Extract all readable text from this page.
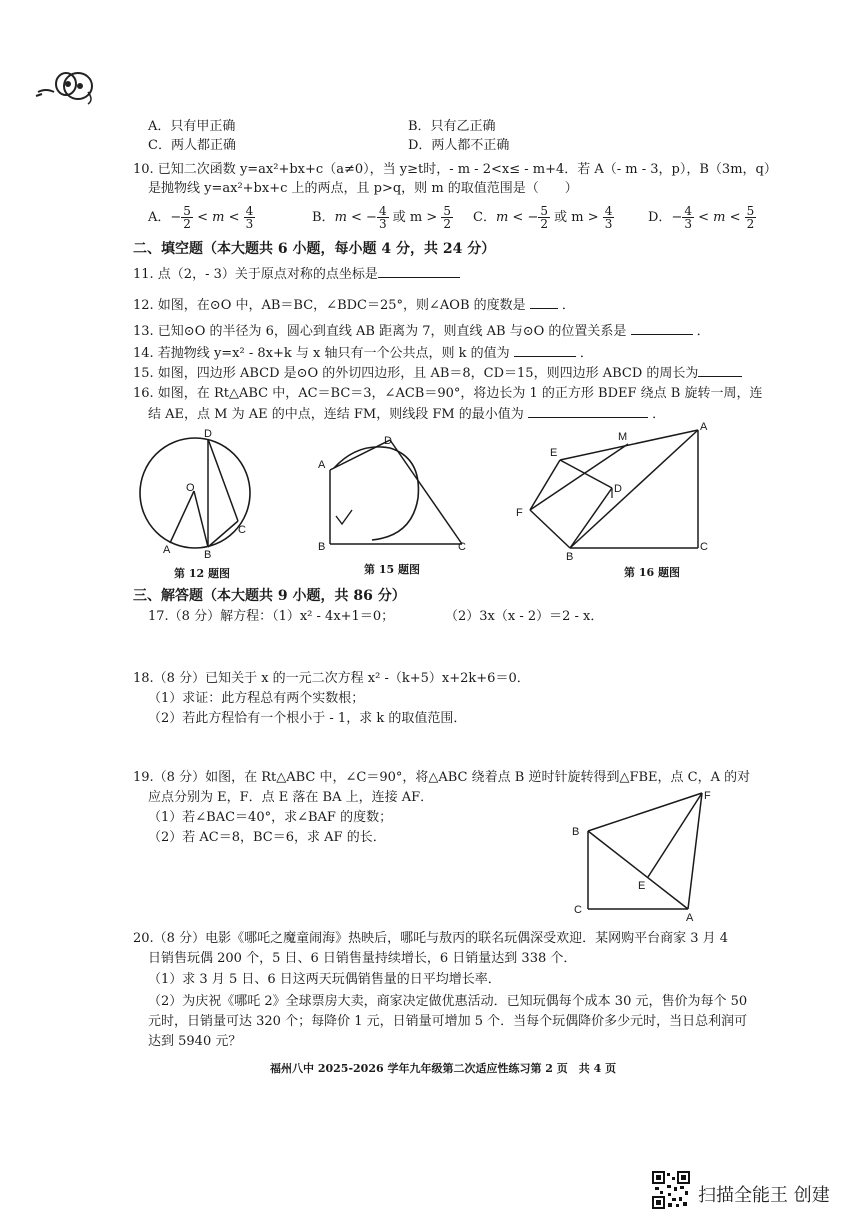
A．只有甲正确	B．只有乙正确
C．两人都正确	D．两人都不正确
10. 已知二次函数 y=ax²+bx+c（a≠0），当 y≥t时，- m - 2<x≤ - m+4．若 A（- m - 3，p），B（3m，q）
是抛物线 y=ax²+bx+c 上的两点，且 p>q，则 m 的取值范围是（　　）
A．− $\frac{5}{2} < m < \frac{4}{3}$	B．m < − $\frac{4}{3}$ 或 $m > \frac{5}{2}$ C．m < − $\frac{5}{2}$ 或 $m > \frac{4}{3}$	D．− $\frac{4}{3} < m < \frac{5}{2}$
二、填空题（本大题共 6 小题，每小题 4 分，共 24 分）
11. 点（2，- 3）关于原点对称的点坐标是
12. 如图，在⊙O 中，AB＝BC，∠BDC＝25°，则∠AOB 的度数是  ．
13. 已知⊙O 的半径为 6，圆心到直线 AB 距离为 7，则直线 AB 与⊙O 的位置关系是	．
14. 若抛物线 y=x² - 8x+k 与 x 轴只有一个公共点，则 k 的值为	．
15. 如图，四边形 ABCD 是⊙O 的外切四边形，且 AB＝8，CD＝15，则四边形 ABCD 的周长为
16. 如图，在 Rt△ABC 中，AC＝BC＝3，∠ACB＝90°，将边长为 1 的正方形 BDEF 绕点 B 旋转一周，连
结 AE，点 M 为 AE 的中点，连结 FM，则线段 FM 的最小值为	．
D
O
A	B
C
第 12 题图
D
A
B	C
第 15 题图
E
M
A
D
F
B
C
第 16 题图
三、解答题（本大题共 9 小题，共 86 分）
17.（8 分）解方程：（1）x² - 4x+1＝0；	（2）3x（x - 2）＝2 - x．
18.（8 分）已知关于 x 的一元二次方程 x² -（k+5）x+2k+6＝0．
（1）求证：此方程总有两个实数根；
（2）若此方程恰有一个根小于 - 1，求 k 的取值范围．
19.（8 分）如图，在 Rt△ABC 中，∠C＝90°，将△ABC 绕着点 B 逆时针旋转得到△FBE，点 C，A 的对
应点分别为 E，F．点 E 落在 BA 上，连接 AF．
（1）若∠BAC＝40°，求∠BAF 的度数；
（2）若 AC＝8，BC＝6，求 AF 的长．
F
B
E
C
A
20.（8 分）电影《哪吒之魔童闹海》热映后，哪吒与敖丙的联名玩偶深受欢迎．某网购平台商家 3 月 4
日销售玩偶 200 个，5 日、6 日销售量持续增长，6 日销量达到 338 个．
（1）求 3 月 5 日、6 日这两天玩偶销售量的日平均增长率．
（2）为庆祝《哪吒 2》全球票房大卖，商家决定做优惠活动．已知玩偶每个成本 30 元，售价为每个 50
元时，日销量可达 320 个；每降价 1 元，日销量可增加 5 个．当每个玩偶降价多少元时，当日总利润可
达到 5940 元？
福州八中 2025-2026 学年九年级第二次适应性练习第 2 页　共 4 页
扫描全能王 创建
